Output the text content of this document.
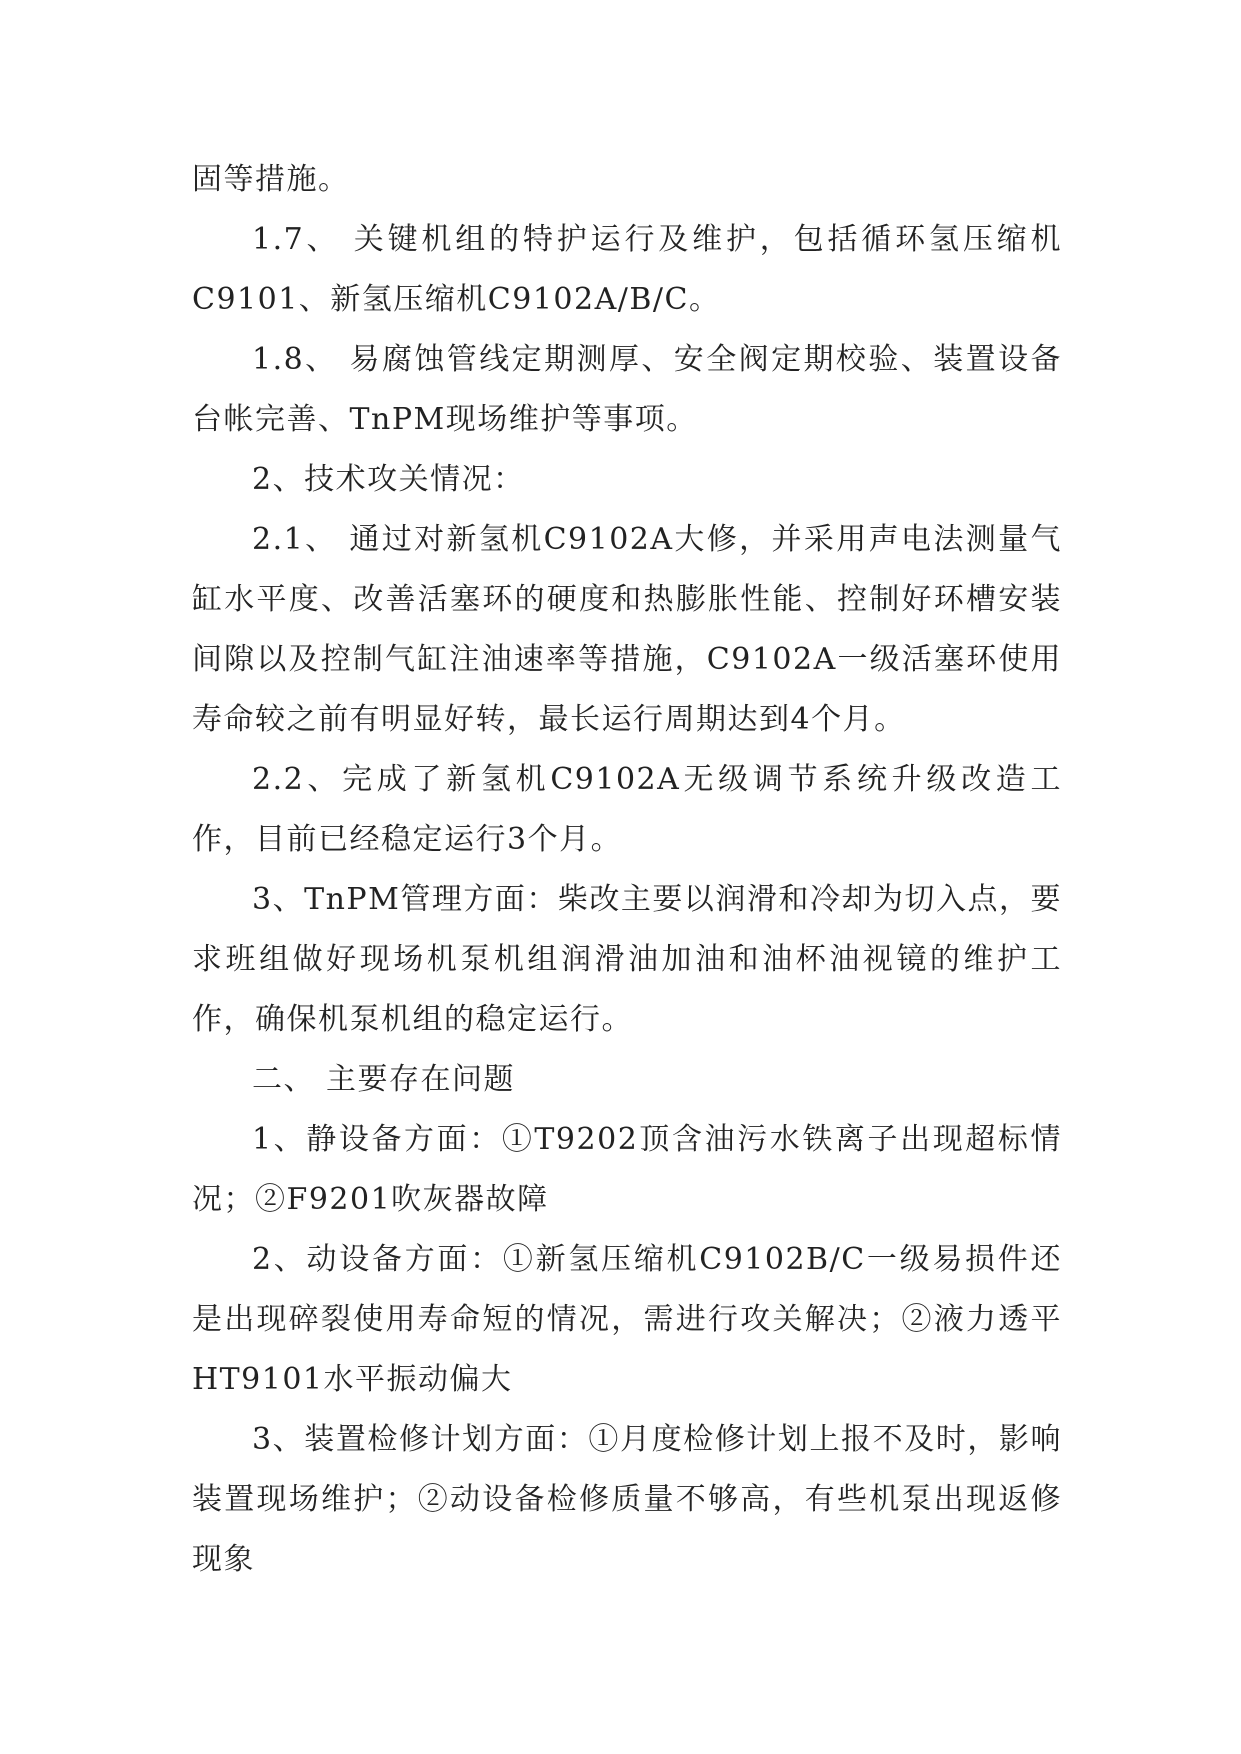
固等措施。

1.7、 关键机组的特护运行及维护，包括循环氢压缩机C9101、新氢压缩机C9102A/B/C。

1.8、 易腐蚀管线定期测厚、安全阀定期校验、装置设备台帐完善、TnPM现场维护等事项。

2、技术攻关情况：

2.1、 通过对新氢机C9102A大修，并采用声电法测量气缸水平度、改善活塞环的硬度和热膨胀性能、控制好环槽安装间隙以及控制气缸注油速率等措施，C9102A一级活塞环使用寿命较之前有明显好转，最长运行周期达到4个月。

2.2、完成了新氢机C9102A无级调节系统升级改造工作，目前已经稳定运行3个月。

3、TnPM管理方面：柴改主要以润滑和冷却为切入点，要求班组做好现场机泵机组润滑油加油和油杯油视镜的维护工作，确保机泵机组的稳定运行。

二、 主要存在问题

1、静设备方面：①T9202顶含油污水铁离子出现超标情况；②F9201吹灰器故障

2、动设备方面：①新氢压缩机C9102B/C一级易损件还是出现碎裂使用寿命短的情况，需进行攻关解决；②液力透平HT9101水平振动偏大

3、装置检修计划方面：①月度检修计划上报不及时，影响装置现场维护；②动设备检修质量不够高，有些机泵出现返修现象
